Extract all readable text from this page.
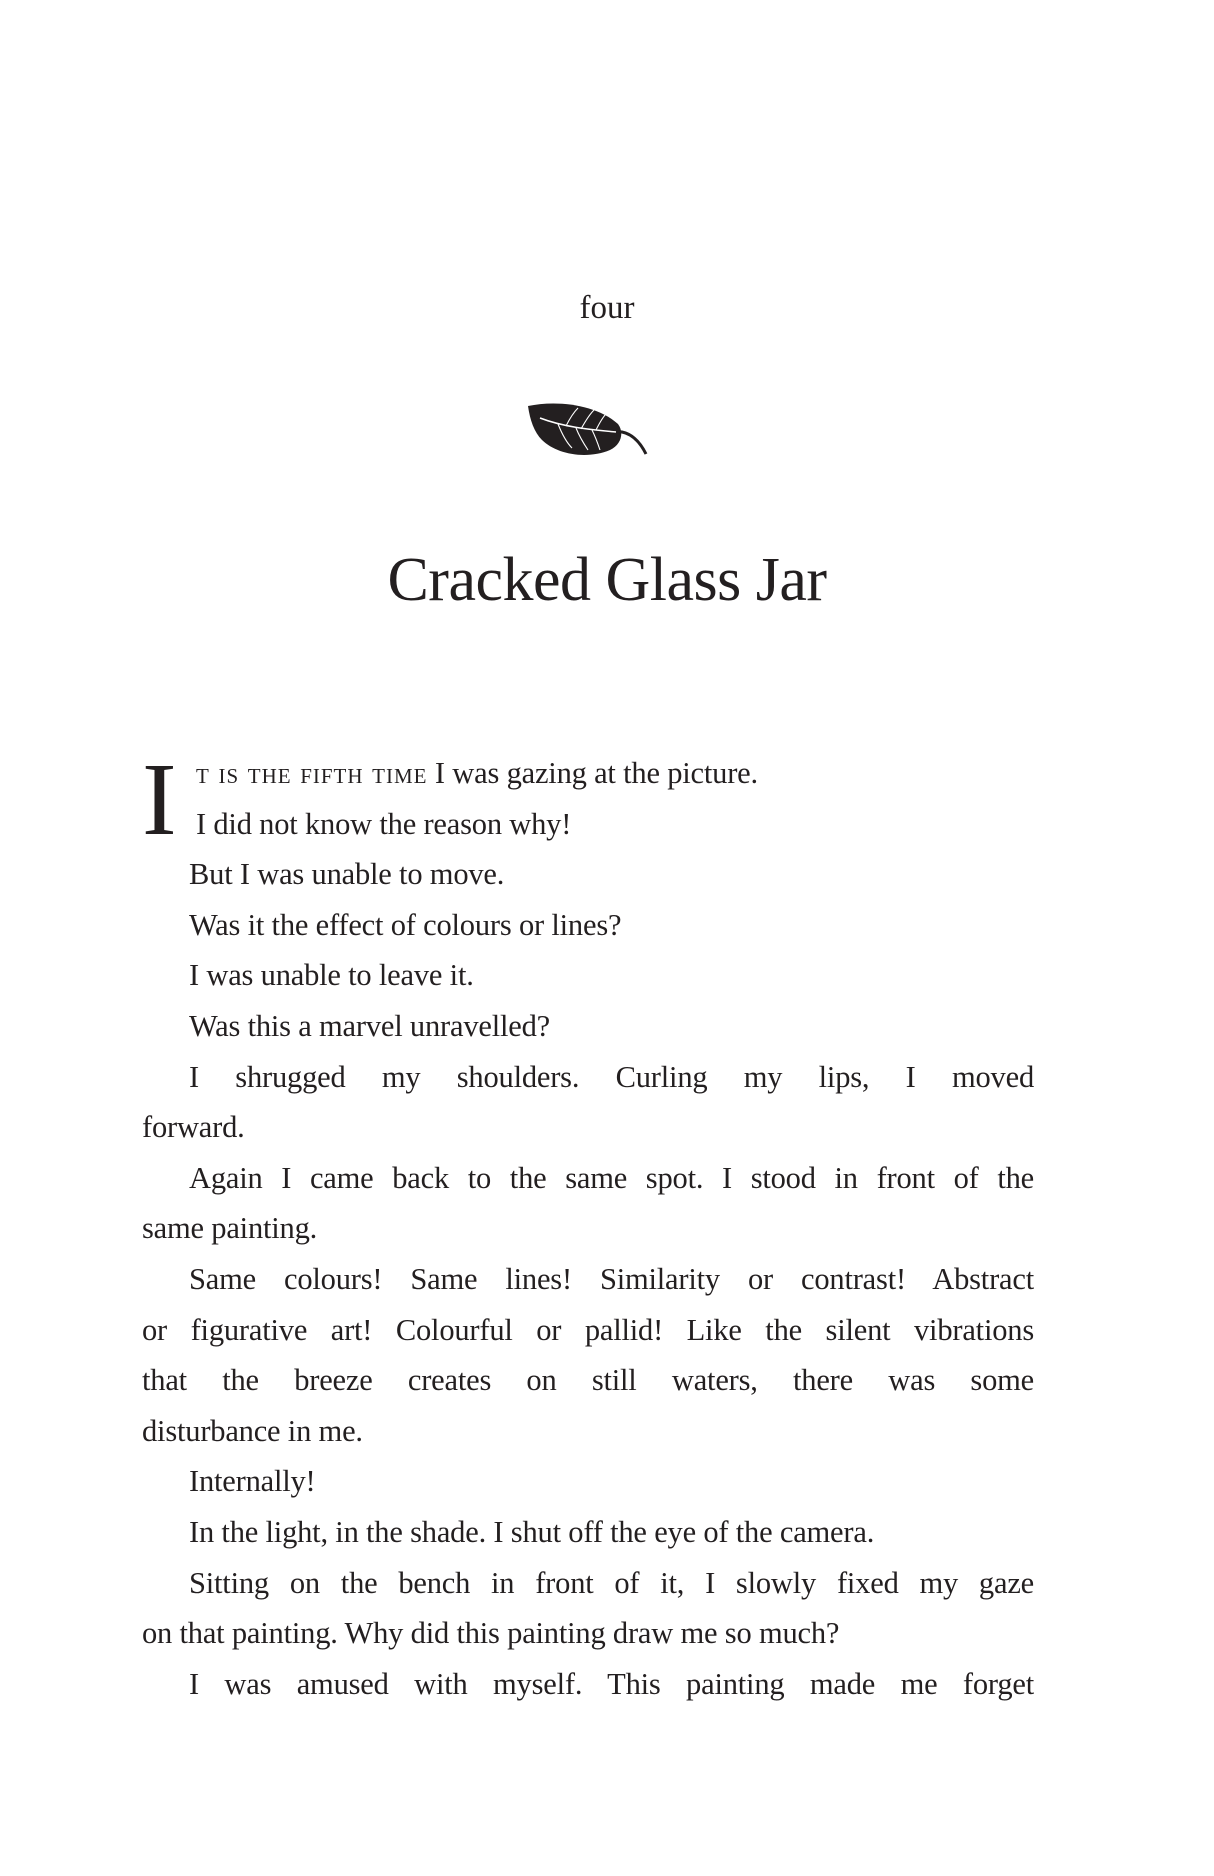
four
Cracked Glass Jar
I t is the fifth time I was gazing at the picture.
I did not know the reason why!
But I was unable to move.
Was it the effect of colours or lines?
I was unable to leave it.
Was this a marvel unravelled?
I shrugged my shoulders. Curling my lips, I moved
forward.
Again I came back to the same spot. I stood in front of the
same painting.
Same colours! Same lines! Similarity or contrast! Abstract
or figurative art! Colourful or pallid! Like the silent vibrations
that the breeze creates on still waters, there was some
disturbance in me.
Internally!
In the light, in the shade. I shut off the eye of the camera.
Sitting on the bench in front of it, I slowly fixed my gaze
on that painting. Why did this painting draw me so much?
I was amused with myself. This painting made me forget
